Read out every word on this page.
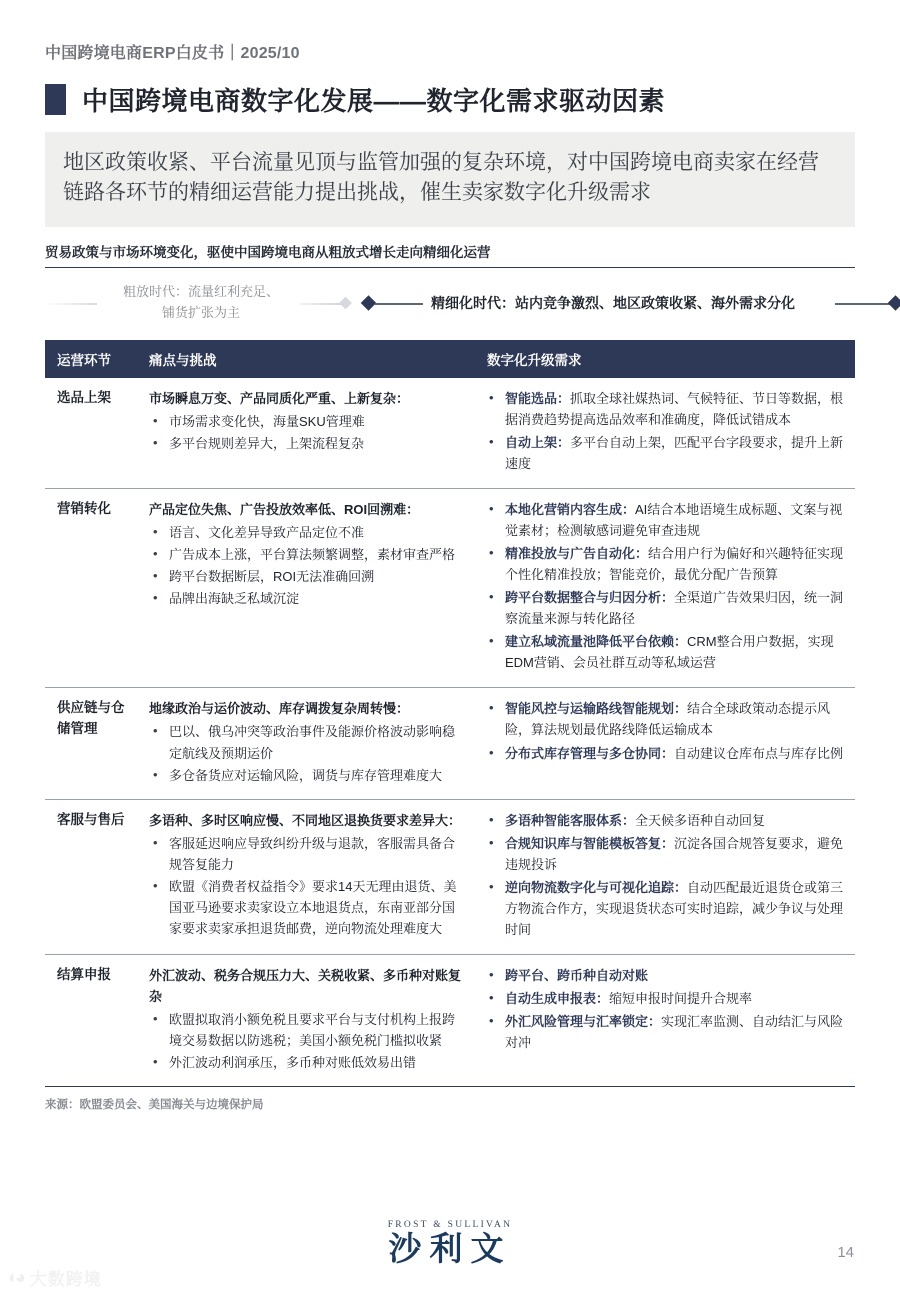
中国跨境电商ERP白皮书｜2025/10
中国跨境电商数字化发展——数字化需求驱动因素
地区政策收紧、平台流量见顶与监管加强的复杂环境，对中国跨境电商卖家在经营链路各环节的精细运营能力提出挑战，催生卖家数字化升级需求
贸易政策与市场环境变化，驱使中国跨境电商从粗放式增长走向精细化运营
粗放时代：流量红利充足、
铺货扩张为主
精细化时代：站内竞争激烈、地区政策收紧、海外需求分化
运营环节	痛点与挑战	数字化升级需求

选品上架	市场瞬息万变、产品同质化严重、上新复杂：
• 市场需求变化快，海量SKU管理难
• 多平台规则差异大，上架流程复杂

• 智能选品：抓取全球社媒热词、气候特征、节日等数据，根据消费趋势提高选品效率和准确度，降低试错成本
• 自动上架：多平台自动上架，匹配平台字段要求，提升上新速度

营销转化	产品定位失焦、广告投放效率低、ROI回溯难：
• 语言、文化差异导致产品定位不准
• 广告成本上涨，平台算法频繁调整，素材审查严格
• 跨平台数据断层，ROI无法准确回溯
• 品牌出海缺乏私域沉淀

• 本地化营销内容生成：AI结合本地语境生成标题、文案与视觉素材；检测敏感词避免审查违规
• 精准投放与广告自动化：结合用户行为偏好和兴趣特征实现个性化精准投放；智能竞价，最优分配广告预算
• 跨平台数据整合与归因分析：全渠道广告效果归因，统一洞察流量来源与转化路径
• 建立私域流量池降低平台依赖：CRM整合用户数据，实现EDM营销、会员社群互动等私域运营

供应链与仓储管理

地缘政治与运价波动、库存调拨复杂周转慢：
• 巴以、俄乌冲突等政治事件及能源价格波动影响稳定航线及预期运价
• 多仓备货应对运输风险，调货与库存管理难度大

• 智能风控与运输路线智能规划：结合全球政策动态提示风险，算法规划最优路线降低运输成本
• 分布式库存管理与多仓协同：自动建议仓库布点与库存比例

客服与售后	多语种、多时区响应慢、不同地区退换货要求差异大：
• 客服延迟响应导致纠纷升级与退款，客服需具备合规答复能力
• 欧盟《消费者权益指令》要求14天无理由退货、美国亚马逊要求卖家设立本地退货点，东南亚部分国家要求卖家承担退货邮费，逆向物流处理难度大

• 多语种智能客服体系：全天候多语种自动回复
• 合规知识库与智能模板答复：沉淀各国合规答复要求，避免违规投诉
• 逆向物流数字化与可视化追踪：自动匹配最近退货仓或第三方物流合作方，实现退货状态可实时追踪，减少争议与处理时间

结算申报	外汇波动、税务合规压力大、关税收紧、多币种对账复杂
• 欧盟拟取消小额免税且要求平台与支付机构上报跨境交易数据以防逃税；美国小额免税门槛拟收紧
• 外汇波动利润承压，多币种对账低效易出错

• 跨平台、跨币种自动对账
• 自动生成申报表：缩短申报时间提升合规率
• 外汇风险管理与汇率锁定：实现汇率监测、自动结汇与风险对冲
来源：欧盟委员会、美国海关与边境保护局
FROST & SULLIVAN
沙利文	14
◖◕ 大数跨境
